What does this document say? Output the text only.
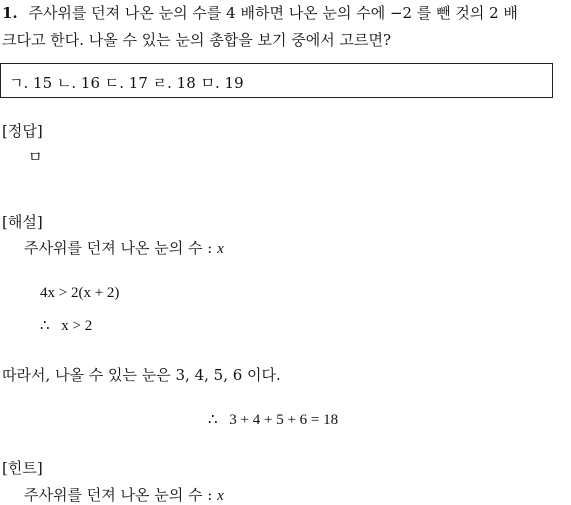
1. 주사위를 던져 나온 눈의 수를 4 배하면 나온 눈의 수에 −2 를 뺀 것의 2 배
크다고 한다. 나올 수 있는 눈의 총합을 보기 중에서 고르면?
ㄱ. 15 ㄴ. 16 ㄷ. 17 ㄹ. 18 ㅁ. 19
[정답]
ㅁ
[해설]
주사위를 던져 나온 눈의 수 : x
4x > 2(x + 2)
∴ x > 2
따라서, 나올 수 있는 눈은 3, 4, 5, 6 이다.
∴ 3 + 4 + 5 + 6 = 18
[힌트]
주사위를 던져 나온 눈의 수 : x
